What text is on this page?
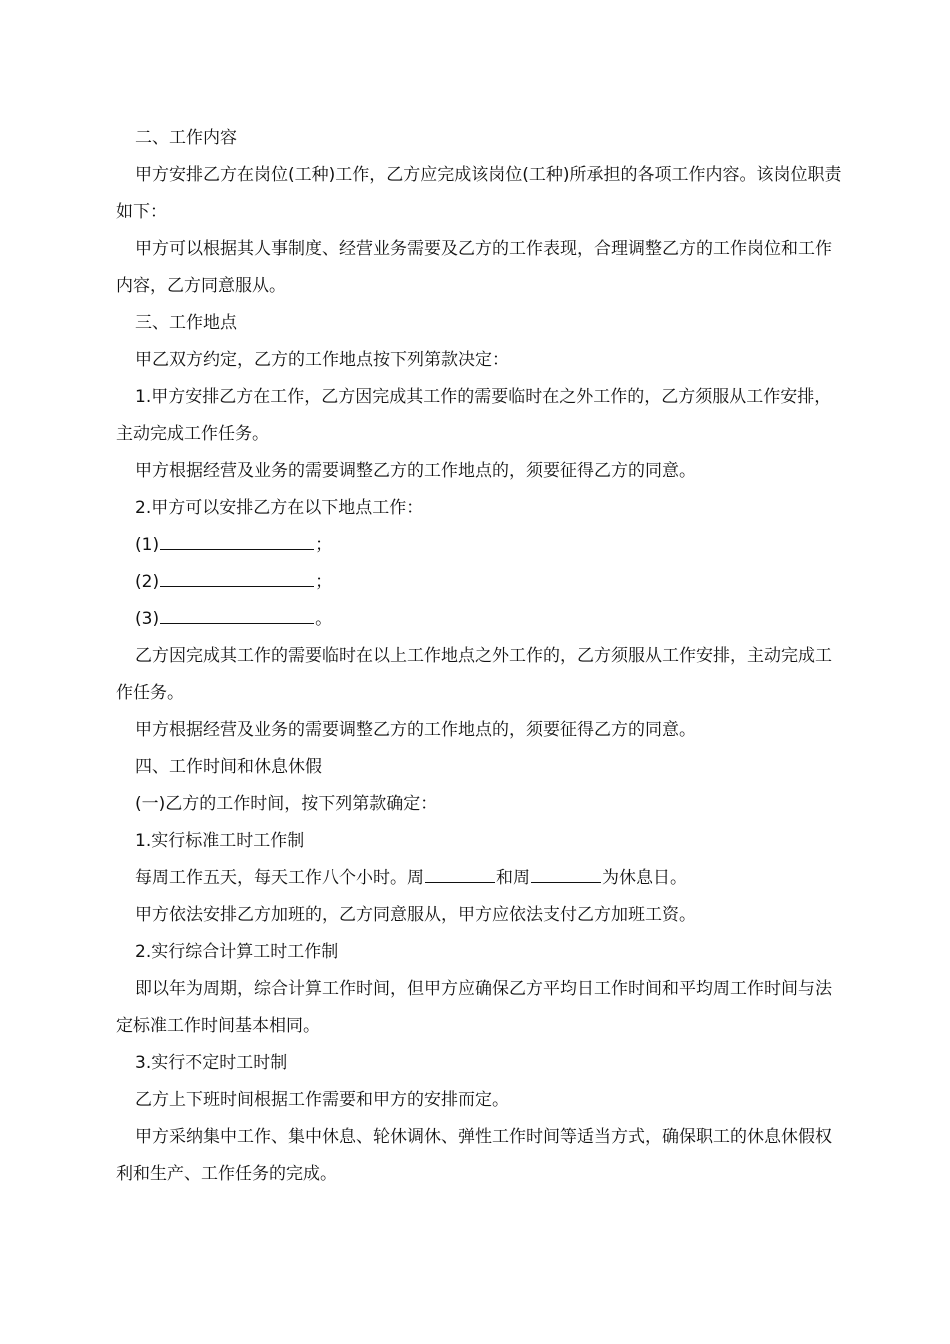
二、工作内容

甲方安排乙方在岗位(工种)工作，乙方应完成该岗位(工种)所承担的各项工作内容。该岗位职责如下：

甲方可以根据其人事制度、经营业务需要及乙方的工作表现，合理调整乙方的工作岗位和工作内容，乙方同意服从。

三、工作地点

甲乙双方约定，乙方的工作地点按下列第款决定：

1.甲方安排乙方在工作，乙方因完成其工作的需要临时在之外工作的，乙方须服从工作安排，主动完成工作任务。

甲方根据经营及业务的需要调整乙方的工作地点的，须要征得乙方的同意。

2.甲方可以安排乙方在以下地点工作：

(1)	；

(2)	；

(3)	。

乙方因完成其工作的需要临时在以上工作地点之外工作的，乙方须服从工作安排，主动完成工作任务。

甲方根据经营及业务的需要调整乙方的工作地点的，须要征得乙方的同意。

四、工作时间和休息休假

(一)乙方的工作时间，按下列第款确定：

1.实行标准工时工作制

每周工作五天，每天工作八个小时。周	和周	为休息日。

甲方依法安排乙方加班的，乙方同意服从，甲方应依法支付乙方加班工资。

2.实行综合计算工时工作制

即以年为周期，综合计算工作时间，但甲方应确保乙方平均日工作时间和平均周工作时间与法定标准工作时间基本相同。

3.实行不定时工时制

乙方上下班时间根据工作需要和甲方的安排而定。

甲方采纳集中工作、集中休息、轮休调休、弹性工作时间等适当方式，确保职工的休息休假权利和生产、工作任务的完成。
